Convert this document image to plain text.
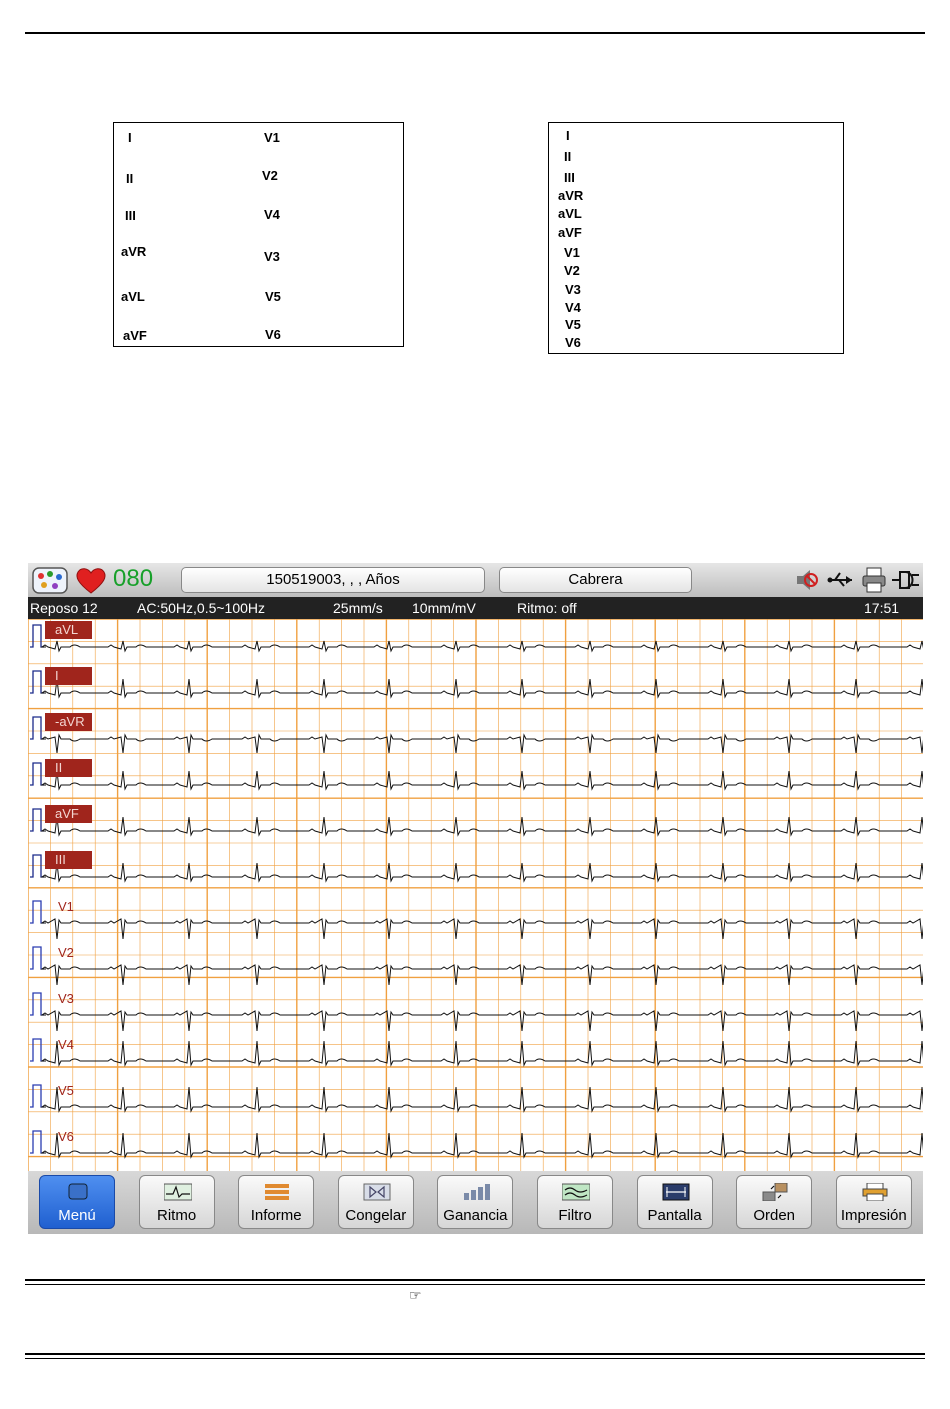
I
II
III
aVR
aVL
aVF
V1
V2
V4
V3
V5
V6
I
II
III
aVR
aVL
aVF
V1
V2
V3
V4
V5
V6
080	150519003, , , Años	Cabrera
Reposo 12	AC:50Hz,0.5~100Hz	25mm/s 10mm/mV	Ritmo: off	17:51
aVL
I
-aVR
II
aVF
III
V1
V2
V3
V4
V5
V6
Menú	Ritmo	Informe	Congelar	Ganancia	Filtro	Pantalla	Orden	Impresión
☞
